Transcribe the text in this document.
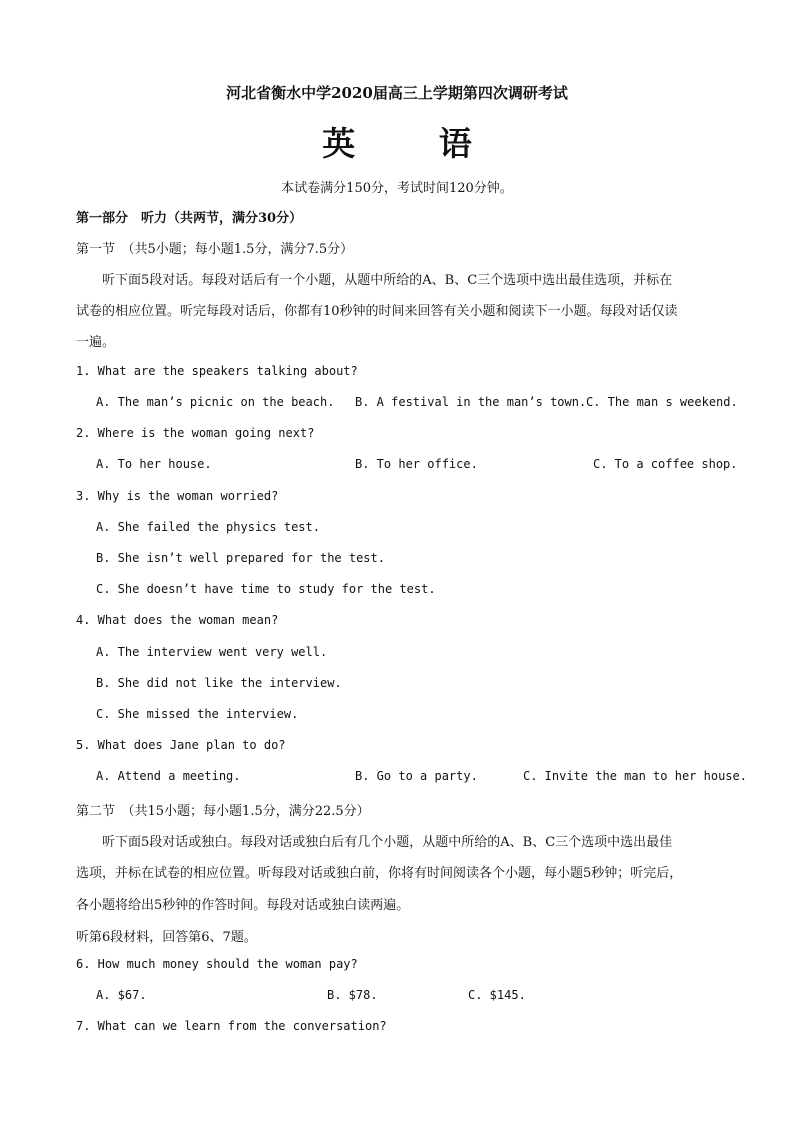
河北省衡水中学2020届高三上学期第四次调研考试
英 语
本试卷满分150分，考试时间120分钟。
第一部分　听力（共两节，满分30分）
第一节　（共5小题；每小题1.5分，满分7.5分）
　　听下面5段对话。每段对话后有一个小题，从题中所给的A、B、C三个选项中选出最佳选项，并标在
试卷的相应位置。听完每段对话后，你都有10秒钟的时间来回答有关小题和阅读下一小题。每段对话仅读
一遍。
1. What are the speakers talking about?
A. The man’s picnic on the beach. B. A festival in the man’s town. C. The man s weekend.
2. Where is the woman going next?
A. To her house.	B. To her office.	C. To a coffee shop.
3. Why is the woman worried?
A. She failed the physics test.
B. She isn’t well prepared for the test.
C. She doesn’t have time to study for the test.
4. What does the woman mean?
A. The interview went very well.
B. She did not like the interview.
C. She missed the interview.
5. What does Jane plan to do?
A. Attend a meeting.	B. Go to a party.	C. Invite the man to her house.
第二节　（共15小题；每小题1.5分，满分22.5分）
　　听下面5段对话或独白。每段对话或独白后有几个小题，从题中所给的A、B、C三个选项中选出最佳
选项，并标在试卷的相应位置。听每段对话或独白前，你将有时间阅读各个小题，每小题5秒钟；听完后，
各小题将给出5秒钟的作答时间。每段对话或独白读两遍。
听第6段材料，回答第6、7题。
6. How much money should the woman pay?
A. $67.	B. $78.	C. $145.
7. What can we learn from the conversation?
